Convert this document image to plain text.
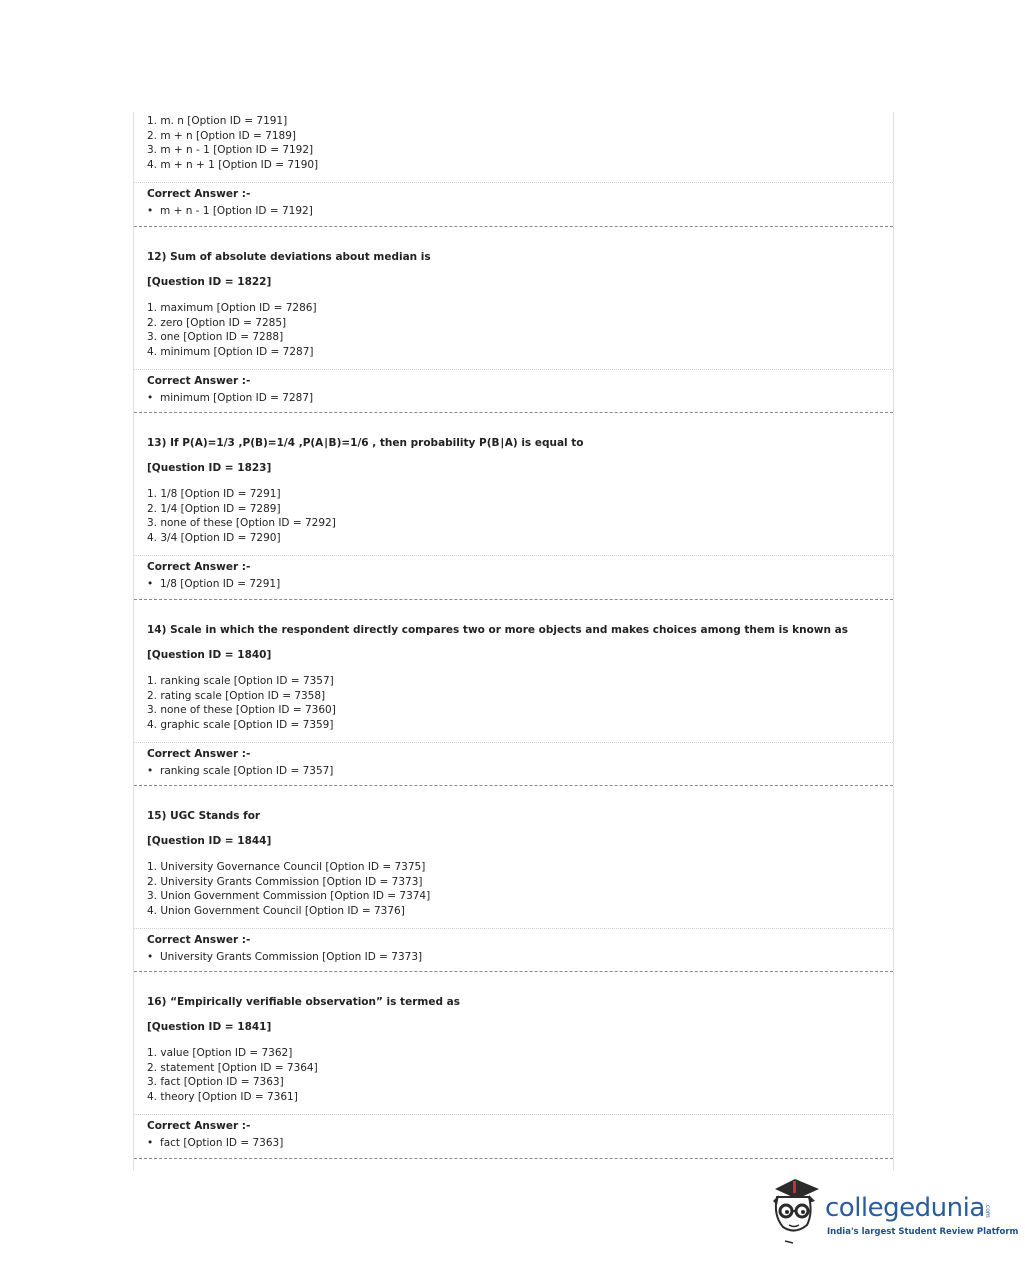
1. m. n [Option ID = 7191]
2. m + n [Option ID = 7189]
3. m + n - 1 [Option ID = 7192]
4. m + n + 1 [Option ID = 7190]
Correct Answer :-
• m + n - 1 [Option ID = 7192]
12) Sum of absolute deviations about median is
[Question ID = 1822]
1. maximum [Option ID = 7286]
2. zero [Option ID = 7285]
3. one [Option ID = 7288]
4. minimum [Option ID = 7287]
Correct Answer :-
• minimum [Option ID = 7287]
13) If P(A)=1/3 ,P(B)=1/4 ,P(A∣B)=1/6 , then probability P(B∣A) is equal to
[Question ID = 1823]
1. 1/8 [Option ID = 7291]
2. 1/4 [Option ID = 7289]
3. none of these [Option ID = 7292]
4. 3/4 [Option ID = 7290]
Correct Answer :-
• 1/8 [Option ID = 7291]
14) Scale in which the respondent directly compares two or more objects and makes choices among them is known as
[Question ID = 1840]
1. ranking scale [Option ID = 7357]
2. rating scale [Option ID = 7358]
3. none of these [Option ID = 7360]
4. graphic scale [Option ID = 7359]
Correct Answer :-
• ranking scale [Option ID = 7357]
15) UGC Stands for
[Question ID = 1844]
1. University Governance Council [Option ID = 7375]
2. University Grants Commission [Option ID = 7373]
3. Union Government Commission [Option ID = 7374]
4. Union Government Council [Option ID = 7376]
Correct Answer :-
• University Grants Commission [Option ID = 7373]
16) “Empirically verifiable observation” is termed as
[Question ID = 1841]
1. value [Option ID = 7362]
2. statement [Option ID = 7364]
3. fact [Option ID = 7363]
4. theory [Option ID = 7361]
Correct Answer :-
• fact [Option ID = 7363]
collegedunia .com
India's largest Student Review Platform
